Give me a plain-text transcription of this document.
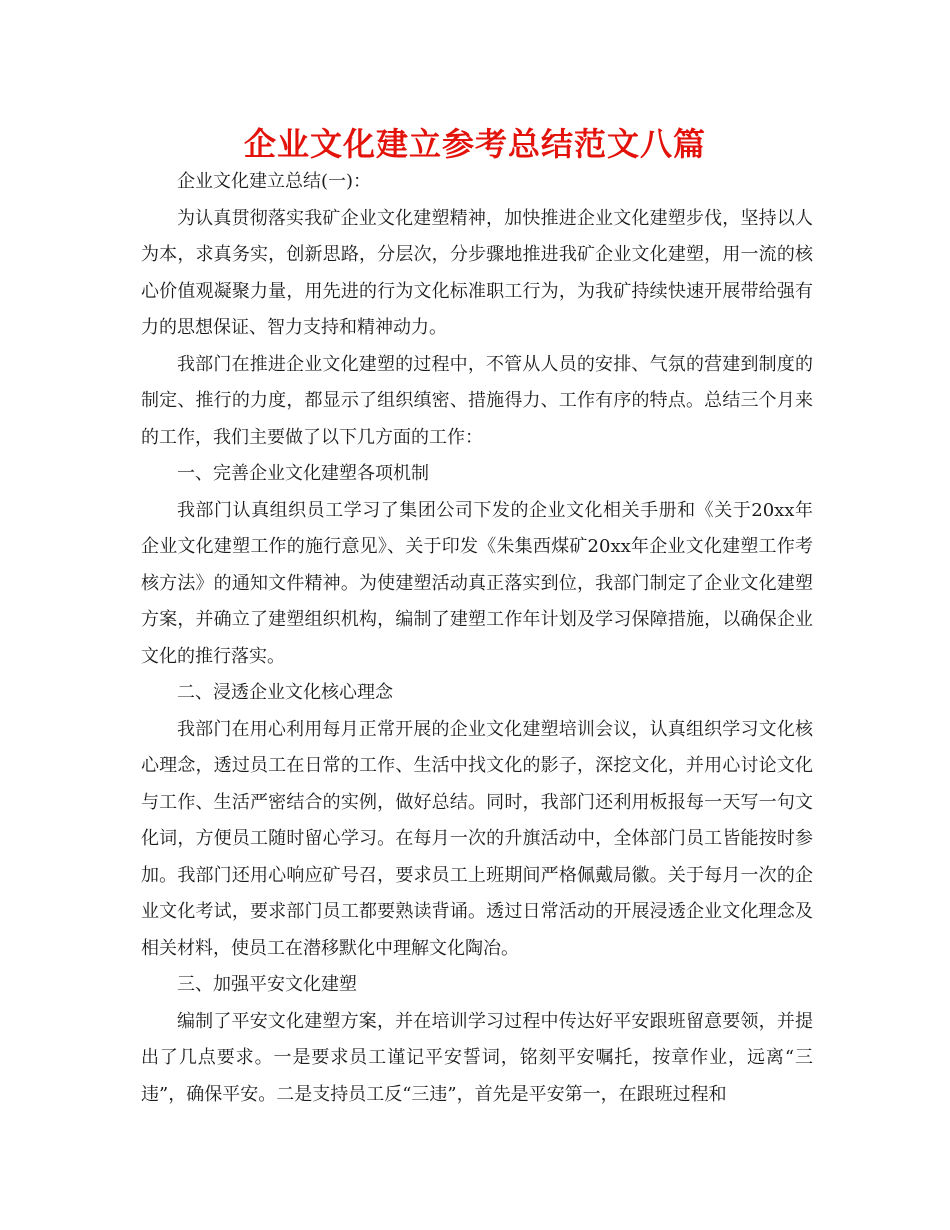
企业文化建立参考总结范文八篇

企业文化建立总结(一)：

为认真贯彻落实我矿企业文化建塑精神，加快推进企业文化建塑步伐，坚持以人为本，求真务实，创新思路，分层次，分步骤地推进我矿企业文化建塑，用一流的核心价值观凝聚力量，用先进的行为文化标准职工行为，为我矿持续快速开展带给强有力的思想保证、智力支持和精神动力。

我部门在推进企业文化建塑的过程中，不管从人员的安排、气氛的营建到制度的制定、推行的力度，都显示了组织缜密、措施得力、工作有序的特点。总结三个月来的工作，我们主要做了以下几方面的工作：

一、完善企业文化建塑各项机制

我部门认真组织员工学习了集团公司下发的企业文化相关手册和《关于20xx年企业文化建塑工作的施行意见》、关于印发《朱集西煤矿20xx年企业文化建塑工作考核方法》的通知文件精神。为使建塑活动真正落实到位，我部门制定了企业文化建塑方案，并确立了建塑组织机构，编制了建塑工作年计划及学习保障措施，以确保企业文化的推行落实。

二、浸透企业文化核心理念

我部门在用心利用每月正常开展的企业文化建塑培训会议，认真组织学习文化核心理念，透过员工在日常的工作、生活中找文化的影子，深挖文化，并用心讨论文化与工作、生活严密结合的实例，做好总结。同时，我部门还利用板报每一天写一句文化词，方便员工随时留心学习。在每月一次的升旗活动中，全体部门员工皆能按时参加。我部门还用心响应矿号召，要求员工上班期间严格佩戴局徽。关于每月一次的企业文化考试，要求部门员工都要熟读背诵。透过日常活动的开展浸透企业文化理念及相关材料，使员工在潜移默化中理解文化陶冶。

三、加强平安文化建塑

编制了平安文化建塑方案，并在培训学习过程中传达好平安跟班留意要领，并提出了几点要求。一是要求员工谨记平安誓词，铭刻平安嘱托，按章作业，远离“三违”，确保平安。二是支持员工反“三违”，首先是平安第一，在跟班过程和
